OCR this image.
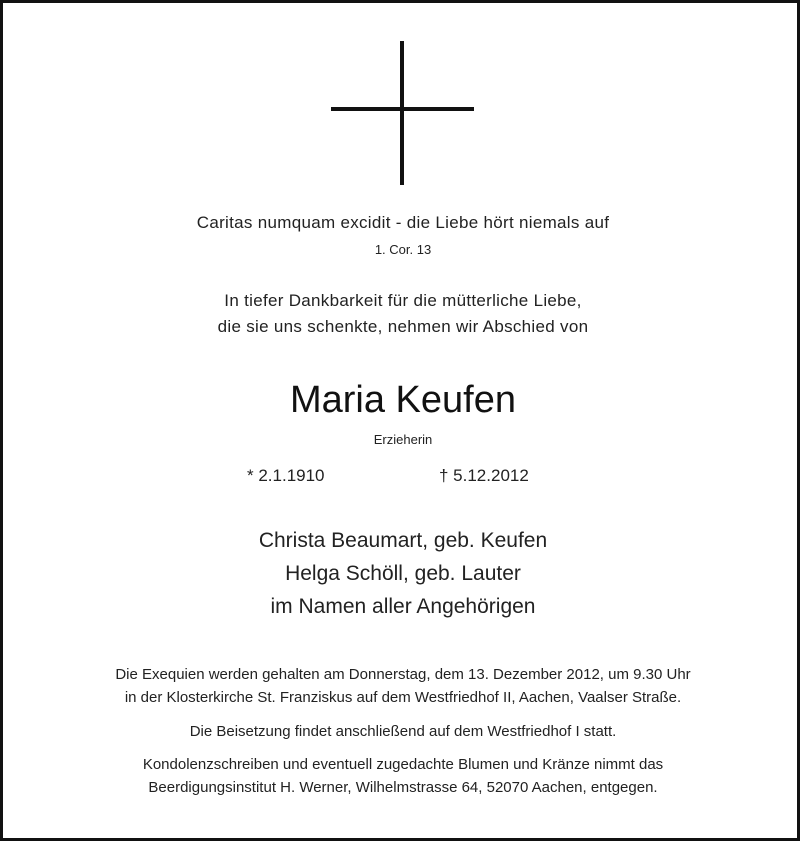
Caritas numquam excidit - die Liebe hört niemals auf
1. Cor. 13
In tiefer Dankbarkeit für die mütterliche Liebe,
die sie uns schenkte, nehmen wir Abschied von
Maria Keufen
Erzieherin
* 2.1.1910	† 5.12.2012
Christa Beaumart, geb. Keufen
Helga Schöll, geb. Lauter
im Namen aller Angehörigen
Die Exequien werden gehalten am Donnerstag, dem 13. Dezember 2012, um 9.30 Uhr
in der Klosterkirche St. Franziskus auf dem Westfriedhof II, Aachen, Vaalser Straße.
Die Beisetzung findet anschließend auf dem Westfriedhof I statt.
Kondolenzschreiben und eventuell zugedachte Blumen und Kränze nimmt das
Beerdigungsinstitut H. Werner, Wilhelmstrasse 64, 52070 Aachen, entgegen.
